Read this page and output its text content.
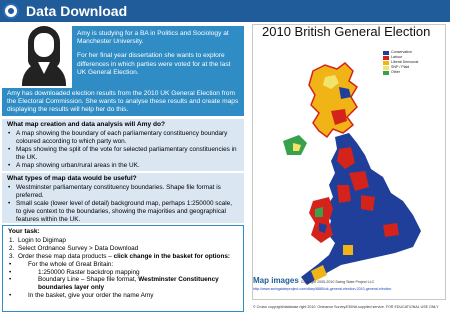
Data Download

Amy is studying for a BA in Politics and Sociology at Manchester University.

For her final year dissertation she wants to explore differences in which parties were voted for at the last UK General Election.

Amy has downloaded election results from the 2010 UK General Election from the Electoral Commission. She wants to analyse these results and create maps displaying the results will help her do this.
What map creation and data analysis will Amy do?
• A map showing the boundary of each parliamentary constituency boundary coloured according to which party won.
• Maps showing the split of the vote for selected parliamentary constituencies in the UK.
• A map showing urban/rural areas in the UK.
What types of map data would be useful?
• Westminster parliamentary constituency boundaries. Shape file format is preferred.
• Small scale (lower level of detail) background map, perhaps 1:250000 scale, to give context to the boundaries, showing the majorities and geographical features within the UK.
Your task:
1. Login to Digimap
2. Select Ordnance Survey > Data Download
3. Order these map data products – click change in the basket for options:
• For the whole of Great Britain:
• 1:250000 Raster backdrop mapping
• Boundary Line – Shape file format, Westminster Constituency boundaries layer only
• In the basket, give your order the name Amy
2010 British General Election
Conservative
Labour
Liberal Democrat
SNP / Plaid
Other
Map images Copyright 2005-2010 Swing State Project LLC
http://www.swingstateproject.com/diary/8885/uk-general-election-2010-general-election
© Crown copyright/database right 2010. Ordnance Survey/EDINA supplied service. FOR EDUCATIONAL USE ONLY
